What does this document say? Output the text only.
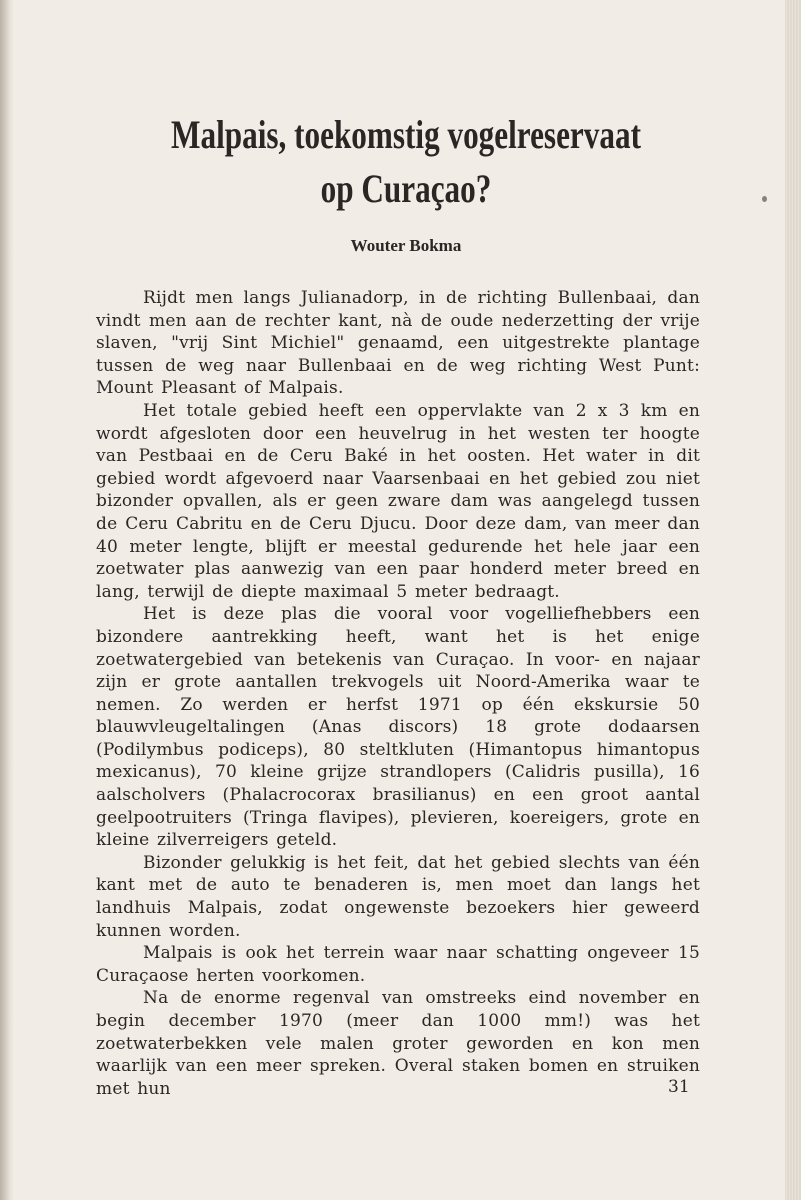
Malpais, toekomstig vogelreservaat
op Curaçao?

Wouter Bokma

Rijdt men langs Julianadorp, in de richting Bullenbaai, dan vindt men aan de rechter kant, nà de oude nederzetting der vrije slaven, "vrij Sint Michiel" genaamd, een uitgestrekte plantage tussen de weg naar Bullenbaai en de weg richting West Punt: Mount Pleasant of Malpais.

Het totale gebied heeft een oppervlakte van 2 x 3 km en wordt afgesloten door een heuvelrug in het westen ter hoogte van Pestbaai en de Ceru Baké in het oosten. Het water in dit gebied wordt afgevoerd naar Vaarsenbaai en het gebied zou niet bizonder opvallen, als er geen zware dam was aangelegd tussen de Ceru Cabritu en de Ceru Djucu. Door deze dam, van meer dan 40 meter lengte, blijft er meestal gedurende het hele jaar een zoetwater plas aanwezig van een paar honderd meter breed en lang, terwijl de diepte maximaal 5 meter bedraagt.

Het is deze plas die vooral voor vogelliefhebbers een bizondere aantrekking heeft, want het is het enige zoetwatergebied van betekenis van Curaçao. In voor- en najaar zijn er grote aantallen trekvogels uit Noord-Amerika waar te nemen. Zo werden er herfst 1971 op één ekskursie 50 blauwvleugeltalingen (Anas discors) 18 grote dodaarsen (Podilymbus podiceps), 80 steltkluten (Himantopus himantopus mexicanus), 70 kleine grijze strandlopers (Calidris pusilla), 16 aalscholvers (Phalacrocorax brasilianus) en een groot aantal geelpootruiters (Tringa flavipes), plevieren, koereigers, grote en kleine zilverreigers geteld.

Bizonder gelukkig is het feit, dat het gebied slechts van één kant met de auto te benaderen is, men moet dan langs het landhuis Malpais, zodat ongewenste bezoekers hier geweerd kunnen worden.

Malpais is ook het terrein waar naar schatting ongeveer 15 Curaçaose herten voorkomen.

Na de enorme regenval van omstreeks eind november en begin december 1970 (meer dan 1000 mm!) was het zoetwaterbekken vele malen groter geworden en kon men waarlijk van een meer spreken. Overal staken bomen en struiken met hun	31
